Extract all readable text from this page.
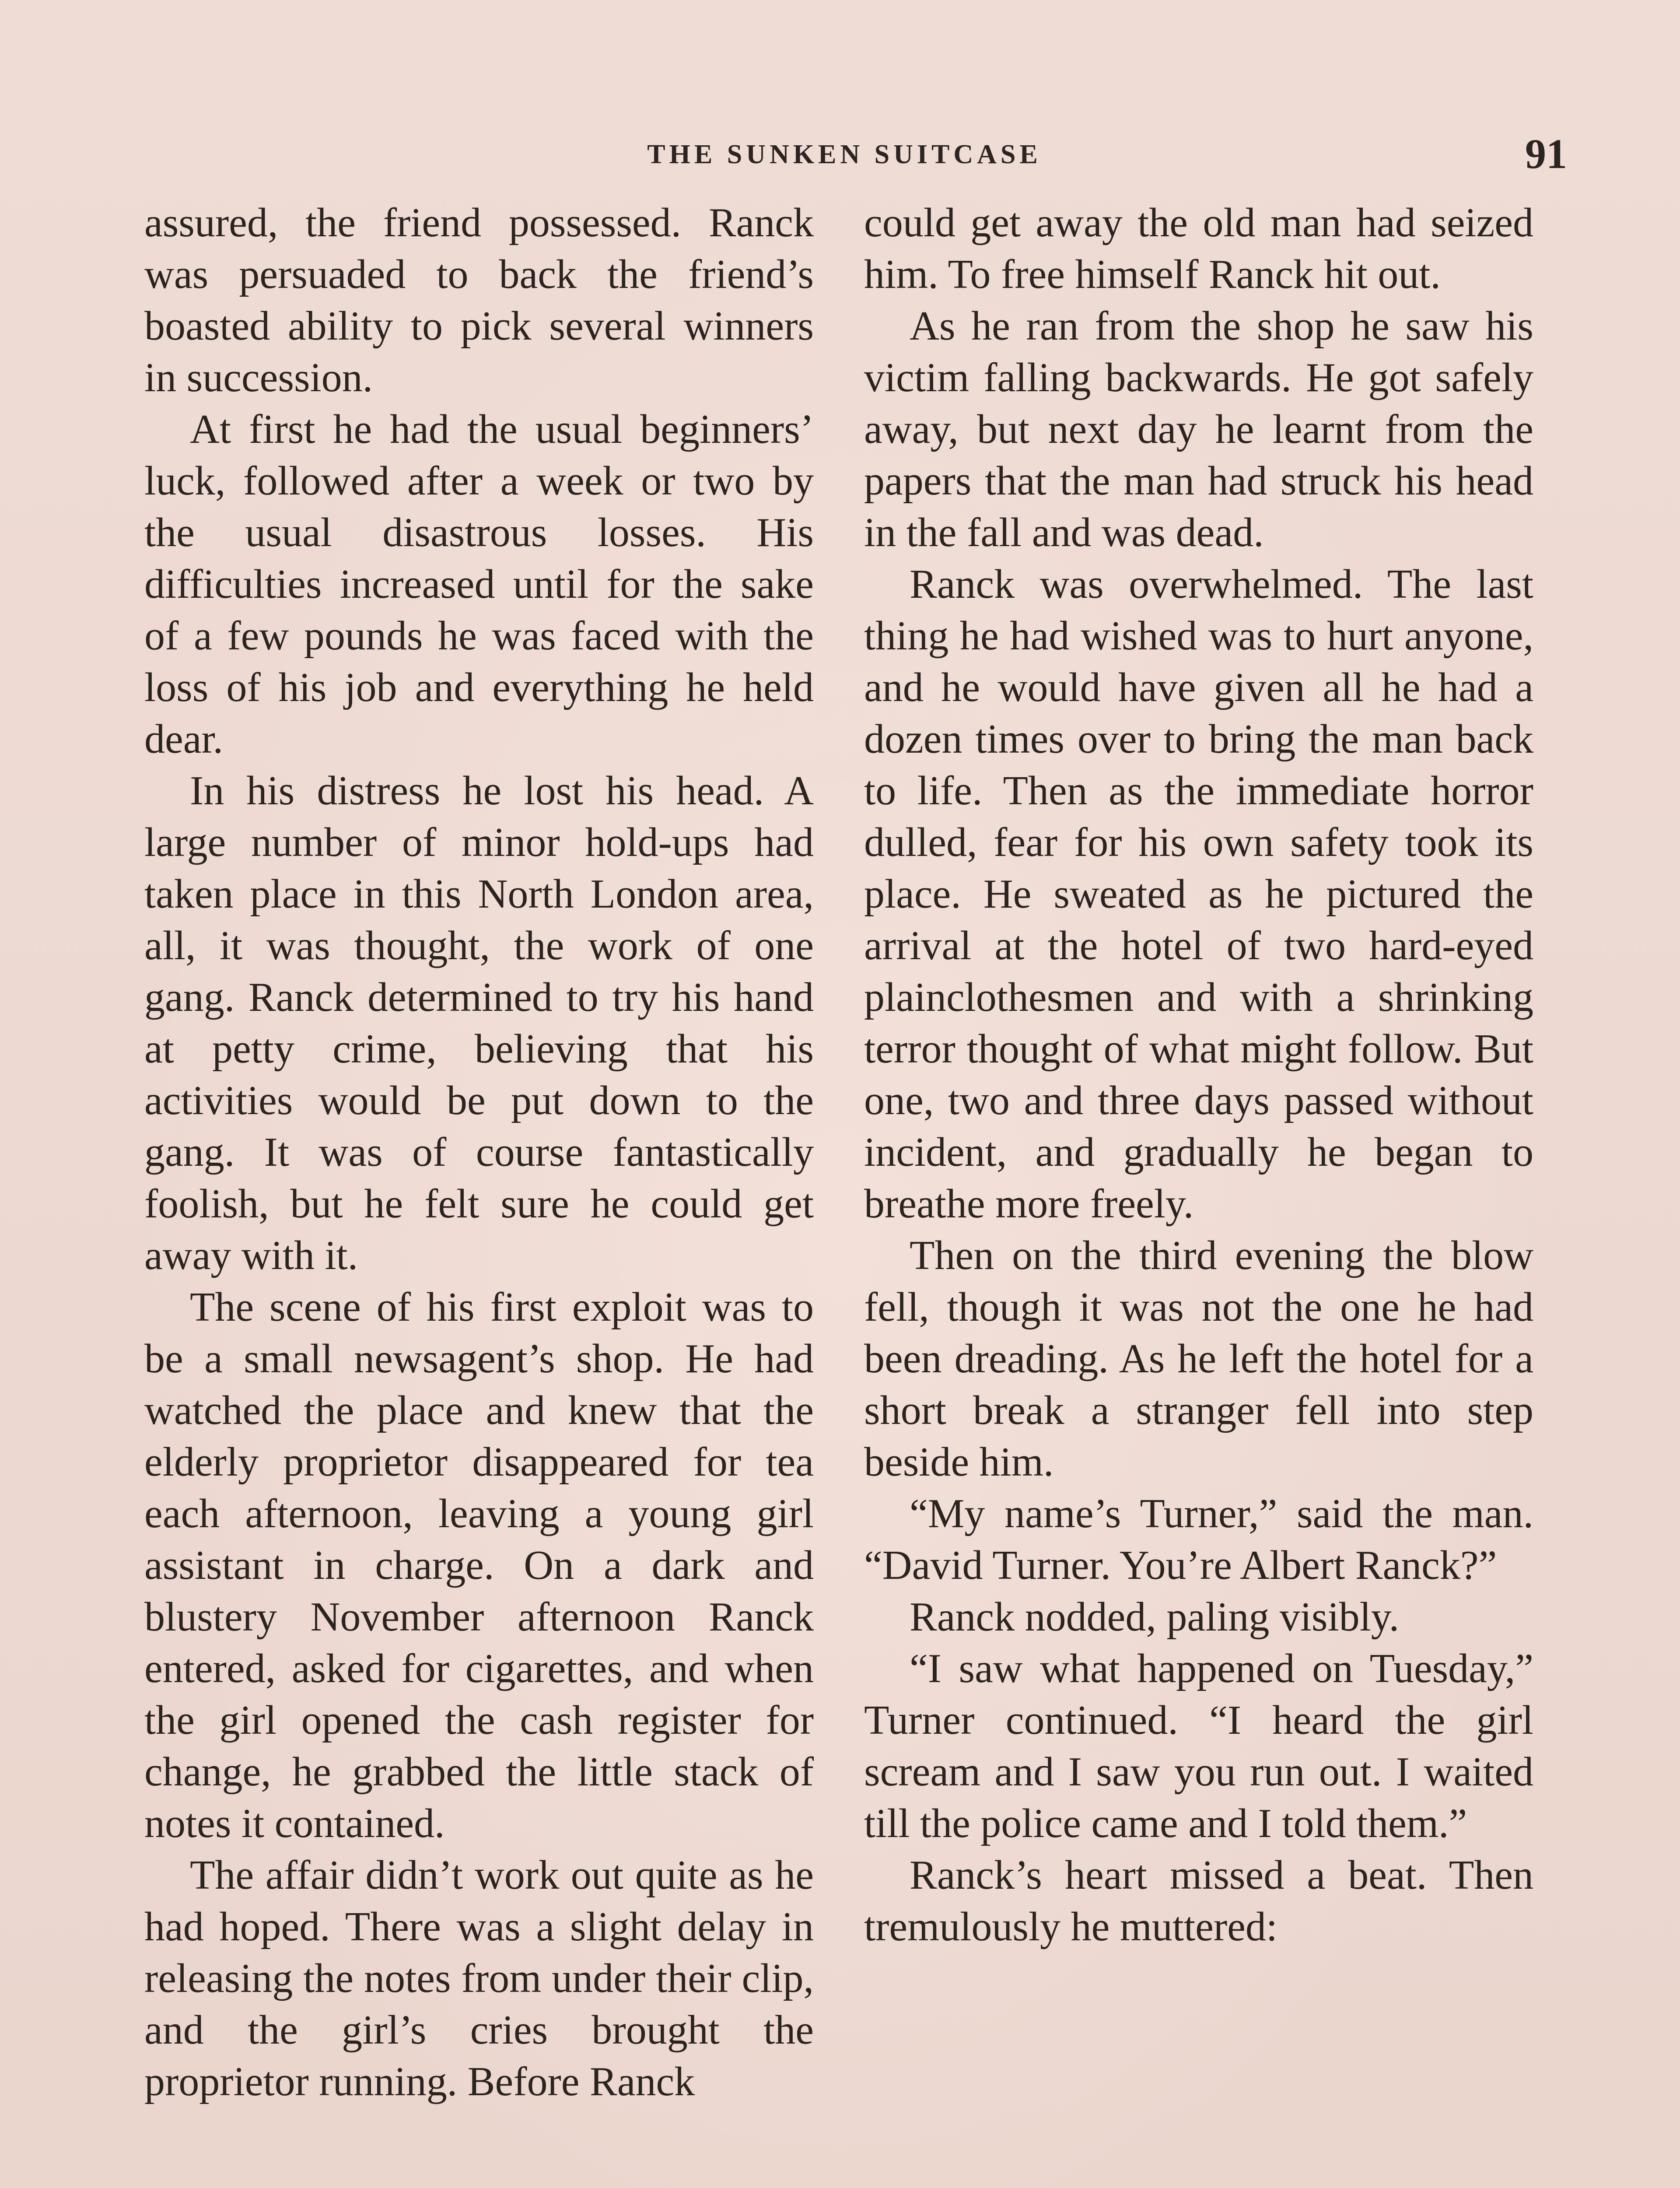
THE SUNKEN SUITCASE	91

assured, the friend possessed. Ranck was persuaded to back the friend’s boasted ability to pick several winners in succession.

At first he had the usual beginners’ luck, followed after a week or two by the usual disastrous losses. His difficulties increased until for the sake of a few pounds he was faced with the loss of his job and everything he held dear.

In his distress he lost his head. A large number of minor hold-ups had taken place in this North London area, all, it was thought, the work of one gang. Ranck determined to try his hand at petty crime, believing that his activities would be put down to the gang. It was of course fantastically foolish, but he felt sure he could get away with it.

The scene of his first exploit was to be a small newsagent’s shop. He had watched the place and knew that the elderly proprietor disappeared for tea each afternoon, leaving a young girl assistant in charge. On a dark and blustery November afternoon Ranck entered, asked for cigarettes, and when the girl opened the cash register for change, he grabbed the little stack of notes it contained.

The affair didn’t work out quite as he had hoped. There was a slight delay in releasing the notes from under their clip, and the girl’s cries brought the proprietor running. Before Ranck

could get away the old man had seized him. To free himself Ranck hit out.

As he ran from the shop he saw his victim falling backwards. He got safely away, but next day he learnt from the papers that the man had struck his head in the fall and was dead.

Ranck was overwhelmed. The last thing he had wished was to hurt anyone, and he would have given all he had a dozen times over to bring the man back to life. Then as the immediate horror dulled, fear for his own safety took its place. He sweated as he pictured the arrival at the hotel of two hard-eyed plainclothesmen and with a shrinking terror thought of what might follow. But one, two and three days passed without incident, and gradually he began to breathe more freely.

Then on the third evening the blow fell, though it was not the one he had been dreading. As he left the hotel for a short break a stranger fell into step beside him.

“My name’s Turner,” said the man. “David Turner. You’re Albert Ranck?”

Ranck nodded, paling visibly.

“I saw what happened on Tuesday,” Turner continued. “I heard the girl scream and I saw you run out. I waited till the police came and I told them.”

Ranck’s heart missed a beat. Then tremulously he muttered:
